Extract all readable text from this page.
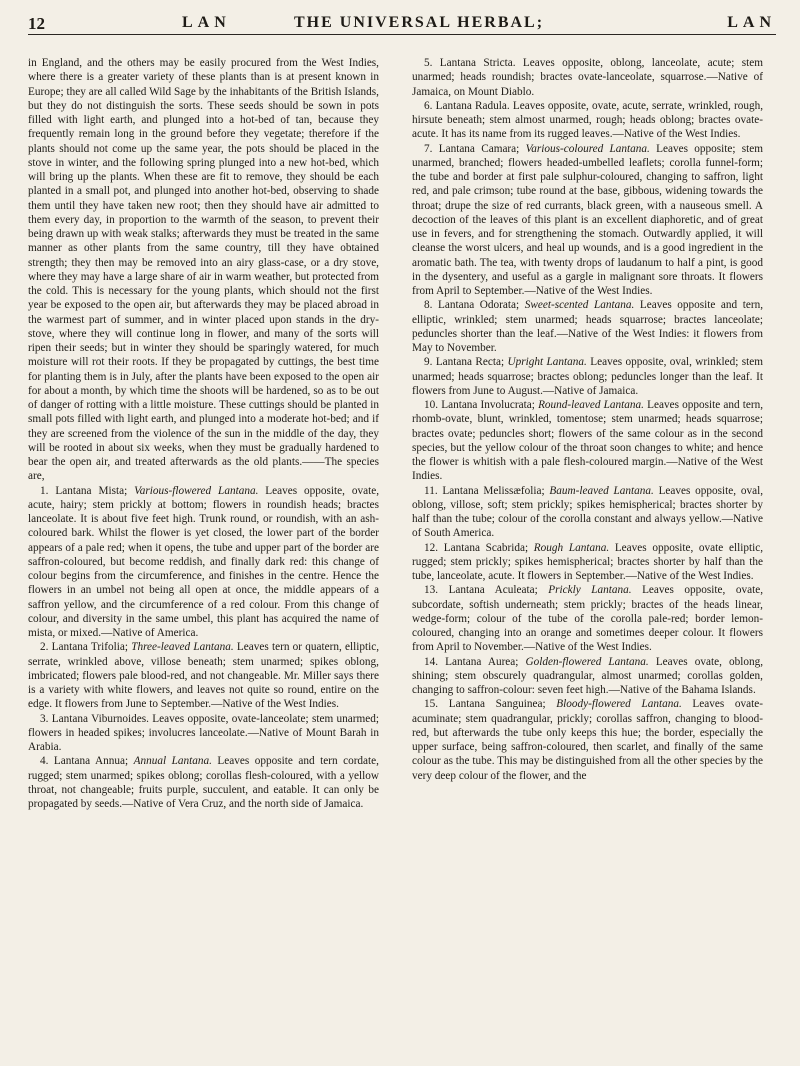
12	LAN	THE UNIVERSAL HERBAL;	LAN

in England, and the others may be easily procured from the West Indies, where there is a greater variety of these plants than is at present known in Europe; they are all called Wild Sage by the inhabitants of the British Islands, but they do not distinguish the sorts. These seeds should be sown in pots filled with light earth, and plunged into a hot-bed of tan, because they frequently remain long in the ground before they vegetate; therefore if the plants should not come up the same year, the pots should be placed in the stove in winter, and the following spring plunged into a new hot-bed, which will bring up the plants. When these are fit to remove, they should be each planted in a small pot, and plunged into another hot-bed, observing to shade them until they have taken new root; then they should have air admitted to them every day, in proportion to the warmth of the season, to prevent their being drawn up with weak stalks; afterwards they must be treated in the same manner as other plants from the same country, till they have obtained strength; they then may be removed into an airy glass-case, or a dry stove, where they may have a large share of air in warm weather, but protected from the cold. This is necessary for the young plants, which should not the first year be exposed to the open air, but afterwards they may be placed abroad in the warmest part of summer, and in winter placed upon stands in the dry-stove, where they will continue long in flower, and many of the sorts will ripen their seeds; but in winter they should be sparingly watered, for much moisture will rot their roots. If they be propagated by cuttings, the best time for planting them is in July, after the plants have been exposed to the open air for about a month, by which time the shoots will be hardened, so as to be out of danger of rotting with a little moisture. These cuttings should be planted in small pots filled with light earth, and plunged into a moderate hot-bed; and if they are screened from the violence of the sun in the middle of the day, they will be rooted in about six weeks, when they must be gradually hardened to bear the open air, and treated afterwards as the old plants.——The species are,

1. Lantana Mista; Various-flowered Lantana. Leaves opposite, ovate, acute, hairy; stem prickly at bottom; flowers in roundish heads; bractes lanceolate. It is about five feet high. Trunk round, or roundish, with an ash-coloured bark. Whilst the flower is yet closed, the lower part of the border appears of a pale red; when it opens, the tube and upper part of the border are saffron-coloured, but become reddish, and finally dark red: this change of colour begins from the circumference, and finishes in the centre. Hence the flowers in an umbel not being all open at once, the middle appears of a saffron yellow, and the circumference of a red colour. From this change of colour, and diversity in the same umbel, this plant has acquired the name of mista, or mixed.—Native of America.

2. Lantana Trifolia; Three-leaved Lantana. Leaves tern or quatern, elliptic, serrate, wrinkled above, villose beneath; stem unarmed; spikes oblong, imbricated; flowers pale blood-red, and not changeable. Mr. Miller says there is a variety with white flowers, and leaves not quite so round, entire on the edge. It flowers from June to September.—Native of the West Indies.

3. Lantana Viburnoides. Leaves opposite, ovate-lanceolate; stem unarmed; flowers in headed spikes; involucres lanceolate.—Native of Mount Barah in Arabia.

4. Lantana Annua; Annual Lantana. Leaves opposite and tern cordate, rugged; stem unarmed; spikes oblong; corollas flesh-coloured, with a yellow throat, not changeable; fruits purple, succulent, and eatable. It can only be propagated by seeds.—Native of Vera Cruz, and the north side of Jamaica.

5. Lantana Stricta. Leaves opposite, oblong, lanceolate, acute; stem unarmed; heads roundish; bractes ovate-lanceolate, squarrose.—Native of Jamaica, on Mount Diablo.

6. Lantana Radula. Leaves opposite, ovate, acute, serrate, wrinkled, rough, hirsute beneath; stem almost unarmed, rough; heads oblong; bractes ovate-acute. It has its name from its rugged leaves.—Native of the West Indies.

7. Lantana Camara; Various-coloured Lantana. Leaves opposite; stem unarmed, branched; flowers headed-umbelled leaflets; corolla funnel-form; the tube and border at first pale sulphur-coloured, changing to saffron, light red, and pale crimson; tube round at the base, gibbous, widening towards the throat; drupe the size of red currants, black green, with a nauseous smell. A decoction of the leaves of this plant is an excellent diaphoretic, and of great use in fevers, and for strengthening the stomach. Outwardly applied, it will cleanse the worst ulcers, and heal up wounds, and is a good ingredient in the aromatic bath. The tea, with twenty drops of laudanum to half a pint, is good in the dysentery, and useful as a gargle in malignant sore throats. It flowers from April to September.—Native of the West Indies.

8. Lantana Odorata; Sweet-scented Lantana. Leaves opposite and tern, elliptic, wrinkled; stem unarmed; heads squarrose; bractes lanceolate; peduncles shorter than the leaf.—Native of the West Indies: it flowers from May to November.

9. Lantana Recta; Upright Lantana. Leaves opposite, oval, wrinkled; stem unarmed; heads squarrose; bractes oblong; peduncles longer than the leaf. It flowers from June to August.—Native of Jamaica.

10. Lantana Involucrata; Round-leaved Lantana. Leaves opposite and tern, rhomb-ovate, blunt, wrinkled, tomentose; stem unarmed; heads squarrose; bractes ovate; peduncles short; flowers of the same colour as in the second species, but the yellow colour of the throat soon changes to white; and hence the flower is whitish with a pale flesh-coloured margin.—Native of the West Indies.

11. Lantana Melissæfolia; Baum-leaved Lantana. Leaves opposite, oval, oblong, villose, soft; stem prickly; spikes hemispherical; bractes shorter by half than the tube; colour of the corolla constant and always yellow.—Native of South America.

12. Lantana Scabrida; Rough Lantana. Leaves opposite, ovate elliptic, rugged; stem prickly; spikes hemispherical; bractes shorter by half than the tube, lanceolate, acute. It flowers in September.—Native of the West Indies.

13. Lantana Aculeata; Prickly Lantana. Leaves opposite, ovate, subcordate, softish underneath; stem prickly; bractes of the heads linear, wedge-form; colour of the tube of the corolla pale-red; border lemon-coloured, changing into an orange and sometimes deeper colour. It flowers from April to November.—Native of the West Indies.

14. Lantana Aurea; Golden-flowered Lantana. Leaves ovate, oblong, shining; stem obscurely quadrangular, almost unarmed; corollas golden, changing to saffron-colour: seven feet high.—Native of the Bahama Islands.

15. Lantana Sanguinea; Bloody-flowered Lantana. Leaves ovate-acuminate; stem quadrangular, prickly; corollas saffron, changing to blood-red, but afterwards the tube only keeps this hue; the border, especially the upper surface, being saffron-coloured, then scarlet, and finally of the same colour as the tube. This may be distinguished from all the other species by the very deep colour of the flower, and the
